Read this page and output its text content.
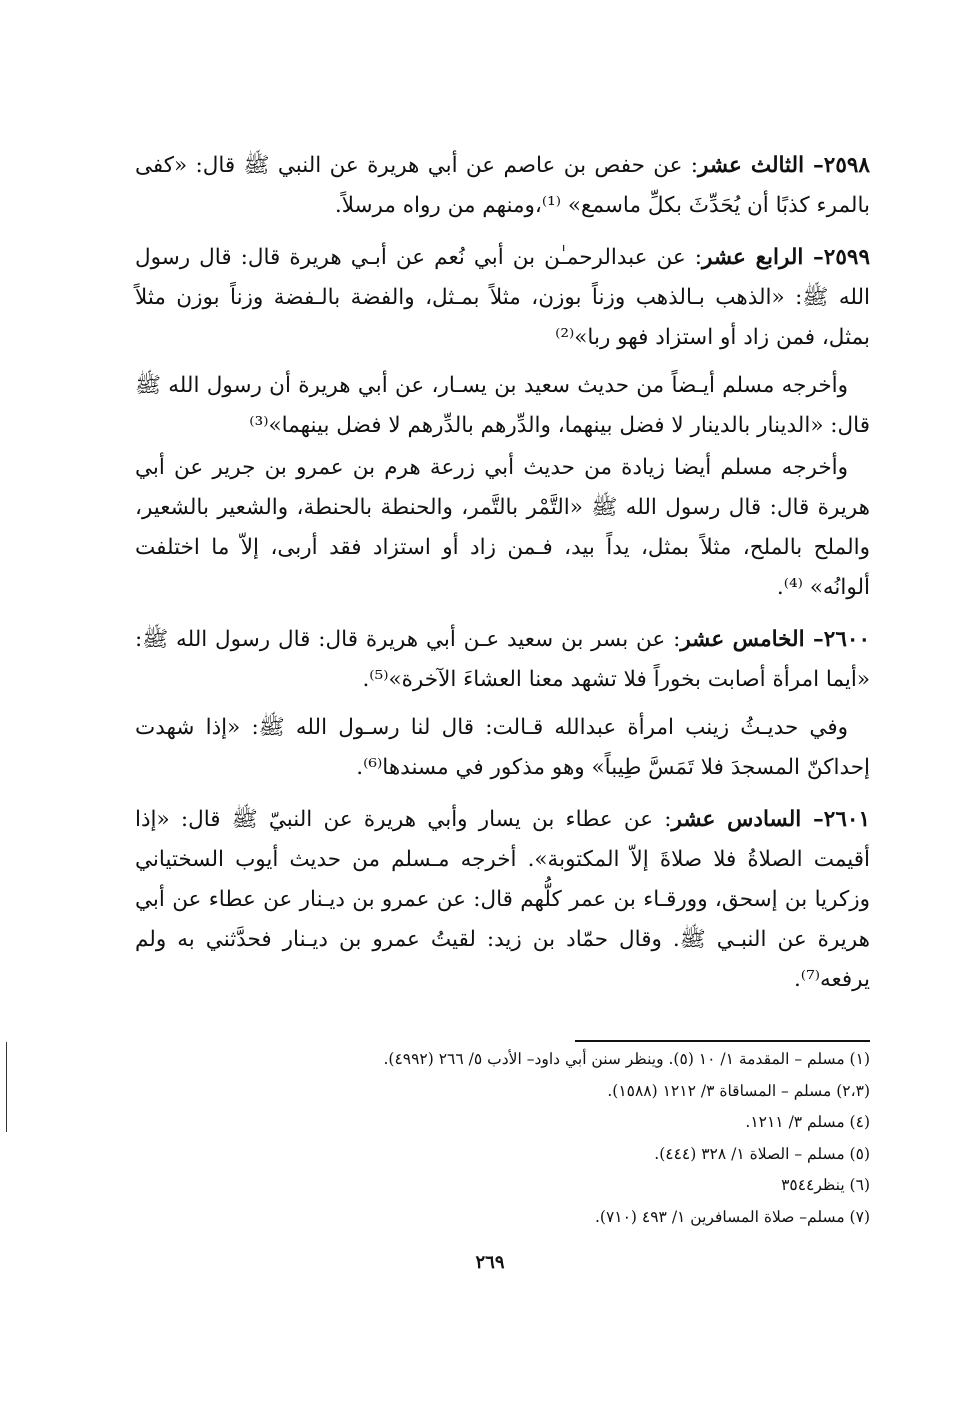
٢٥٩٨– الثالث عشر: عن حفص بن عاصم عن أبي هريرة عن النبي ﷺ قال: «كفى بالمرء كذبًا أن يُحَدِّثَ بكلِّ ماسمع» ⁽¹⁾،ومنهم من رواه مرسلاً.

٢٥٩٩– الرابع عشر: عن عبدالرحمـٰن بن أبي نُعم عن أبـي هريرة قال: قال رسول الله ﷺ: «الذهب بـالذهب وزناً بوزن، مثلاً بمـثل، والفضة بالـفضة وزناً بوزن مثلاً بمثل، فمن زاد أو استزاد فهو ربا»⁽²⁾

وأخرجه مسلم أيـضاً من حديث سعيد بن يسـار، عن أبي هريرة أن رسول الله ﷺ قال: «الدينار بالدينار لا فضل بينهما، والدِّرهم بالدِّرهم لا فضل بينهما»⁽³⁾

وأخرجه مسلم أيضا زيادة من حديث أبي زرعة هرم بن عمرو بن جرير عن أبي هريرة قال: قال رسول الله ﷺ «التَّمْر بالتَّمر، والحنطة بالحنطة، والشعير بالشعير، والملح بالملح، مثلاً بمثل، يداً بيد، فـمن زاد أو استزاد فقد أربى، إلاّ ما اختلفت ألوانُه» ⁽⁴⁾.

٢٦٠٠– الخامس عشر: عن بسر بن سعيد عـن أبي هريرة قال: قال رسول الله ﷺ: «أيما امرأة أصابت بخوراً فلا تشهد معنا العشاءَ الآخرة»⁽⁵⁾.

وفي حديـثُ زينب امرأة عبدالله قـالت: قال لنا رسـول الله ﷺ: «إذا شهدت إحداكنّ المسجدَ فلا تَمَسَّ طِيباً» وهو مذكور في مسندها⁽⁶⁾.

٢٦٠١– السادس عشر: عن عطاء بن يسار وأبي هريرة عن النبيّ ﷺ قال: «إذا أقيمت الصلاةُ فلا صلاةَ إلاّ المكتوبة». أخرجه مـسلم من حديث أيوب السختياني وزكريا بن إسحق، وورقـاء بن عمر كلُّهم قال: عن عمرو بن ديـنار عن عطاء عن أبي هريرة عن النبـي ﷺ. وقال حمّاد بن زيد: لقيتُ عمرو بن ديـنار فحدَّثني به ولم يرفعه⁽⁷⁾.

(١) مسلم – المقدمة ١/ ١٠ (٥). وينظر سنن أبي داود– الأدب ٥/ ٢٦٦ (٤٩٩٢).
(٢،٣) مسلم – المساقاة ٣/ ١٢١٢ (١٥٨٨).
(٤) مسلم ٣/ ١٢١١.
(٥) مسلم – الصلاة ١/ ٣٢٨ (٤٤٤).
(٦) ينظر٣٥٤٤
(٧) مسلم– صلاة المسافرين ١/ ٤٩٣ (٧١٠).
٢٦٩
